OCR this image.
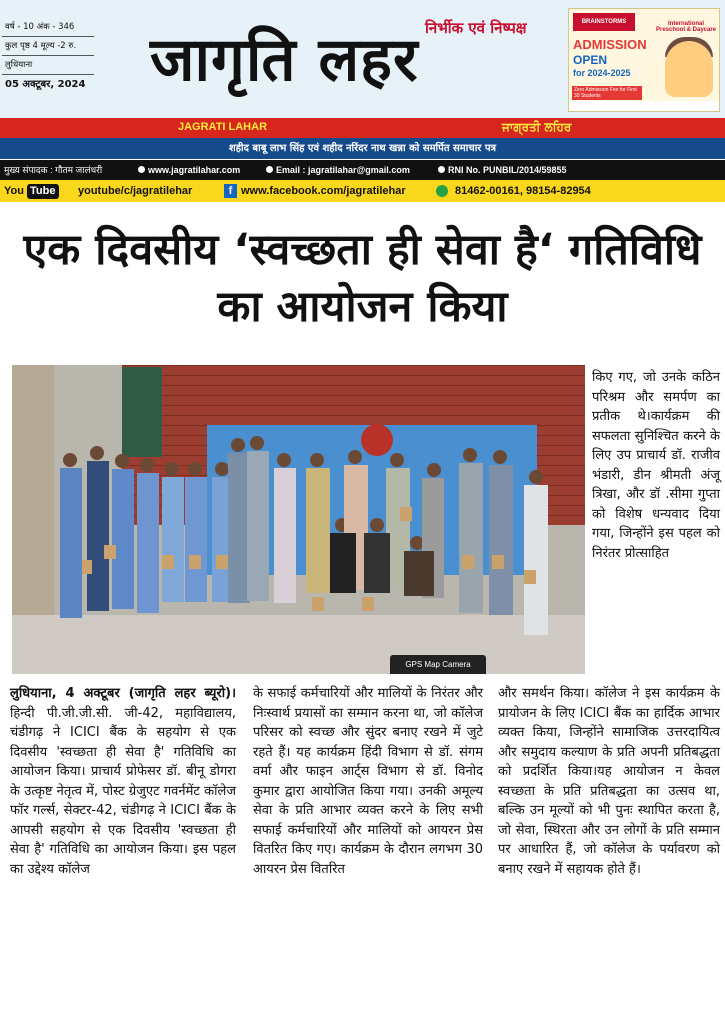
वर्ष - 10 अंक - 346
कुल पृष्ठ 4 मूल्य -2 रु.
लुधियाना
05 अक्टूबर, 2024
निर्भीक एवं निष्पक्ष
जागृति लहर
BRAINSTORMS	International Preschool & Daycare
ADMISSION
OPEN
for 2024-2025
Zero Admission Fee for First 30 Students
JAGRATI LAHAR	ਜਾਗ੍ਰਤੀ ਲਹਿਰ
शहीद बाबू लाभ सिंह एवं शहीद नरिंदर नाथ खन्ना को समर्पित समाचार पत्र
मुख्य संपादक : गौतम जालंधरी	www.jagratilahar.com	Email : jagratilahar@gmail.com	RNI No. PUNBIL/2014/59855
You Tube youtube/c/jagratilehar	f www.facebook.com/jagratilehar	81462-00161, 98154-82954
एक दिवसीय ‘स्वच्छता ही सेवा है‘ गतिविधि का आयोजन किया
GPS Map Camera

किए गए, जो उनके कठिन परिश्रम और समर्पण का प्रतीक थे।कार्यक्रम की सफलता सुनिश्चित करने के लिए उप प्राचार्य डॉ. राजीव भंडारी, डीन श्रीमती अंजू त्रिखा, और डॉ .सीमा गुप्ता को विशेष धन्यवाद दिया गया, जिन्होंने इस पहल को निरंतर प्रोत्साहित

लुधियाना, 4 अक्टूबर (जागृति लहर ब्यूरो)। हिन्दी पी.जी.जी.सी. जी-42, महाविद्यालय, चंडीगढ़ ने ICICI बैंक के सहयोग से एक दिवसीय 'स्वच्छता ही सेवा है' गतिविधि का आयोजन किया। प्राचार्य प्रोफेसर डॉ. बीनू डोगरा के उत्कृष्ट नेतृत्व में, पोस्ट ग्रेजुएट गवर्नमेंट कॉलेज फॉर गर्ल्स, सेक्टर-42, चंडीगढ़ ने ICICI बैंक के आपसी सहयोग से एक दिवसीय 'स्वच्छता ही सेवा है' गतिविधि का आयोजन किया। इस पहल का उद्देश्य कॉलेज

के सफाई कर्मचारियों और मालियों के निरंतर और निःस्वार्थ प्रयासों का सम्मान करना था, जो कॉलेज परिसर को स्वच्छ और सुंदर बनाए रखने में जुटे रहते हैं। यह कार्यक्रम हिंदी विभाग से डॉ. संगम वर्मा और फाइन आर्ट्स विभाग से डॉ. विनोद कुमार द्वारा आयोजित किया गया। उनकी अमूल्य सेवा के प्रति आभार व्यक्त करने के लिए सभी सफाई कर्मचारियों और मालियों को आयरन प्रेस वितरित किए गए। कार्यक्रम के दौरान लगभग 30 आयरन प्रेस वितरित

और समर्थन किया। कॉलेज ने इस कार्यक्रम के प्रायोजन के लिए ICICI बैंक का हार्दिक आभार व्यक्त किया, जिन्होंने सामाजिक उत्तरदायित्व और समुदाय कल्याण के प्रति अपनी प्रतिबद्धता को प्रदर्शित किया।यह आयोजन न केवल स्वच्छता के प्रति प्रतिबद्धता का उत्सव था, बल्कि उन मूल्यों को भी पुनः स्थापित करता है, जो सेवा, स्थिरता और उन लोगों के प्रति सम्मान पर आधारित हैं, जो कॉलेज के पर्यावरण को बनाए रखने में सहायक होते हैं।
